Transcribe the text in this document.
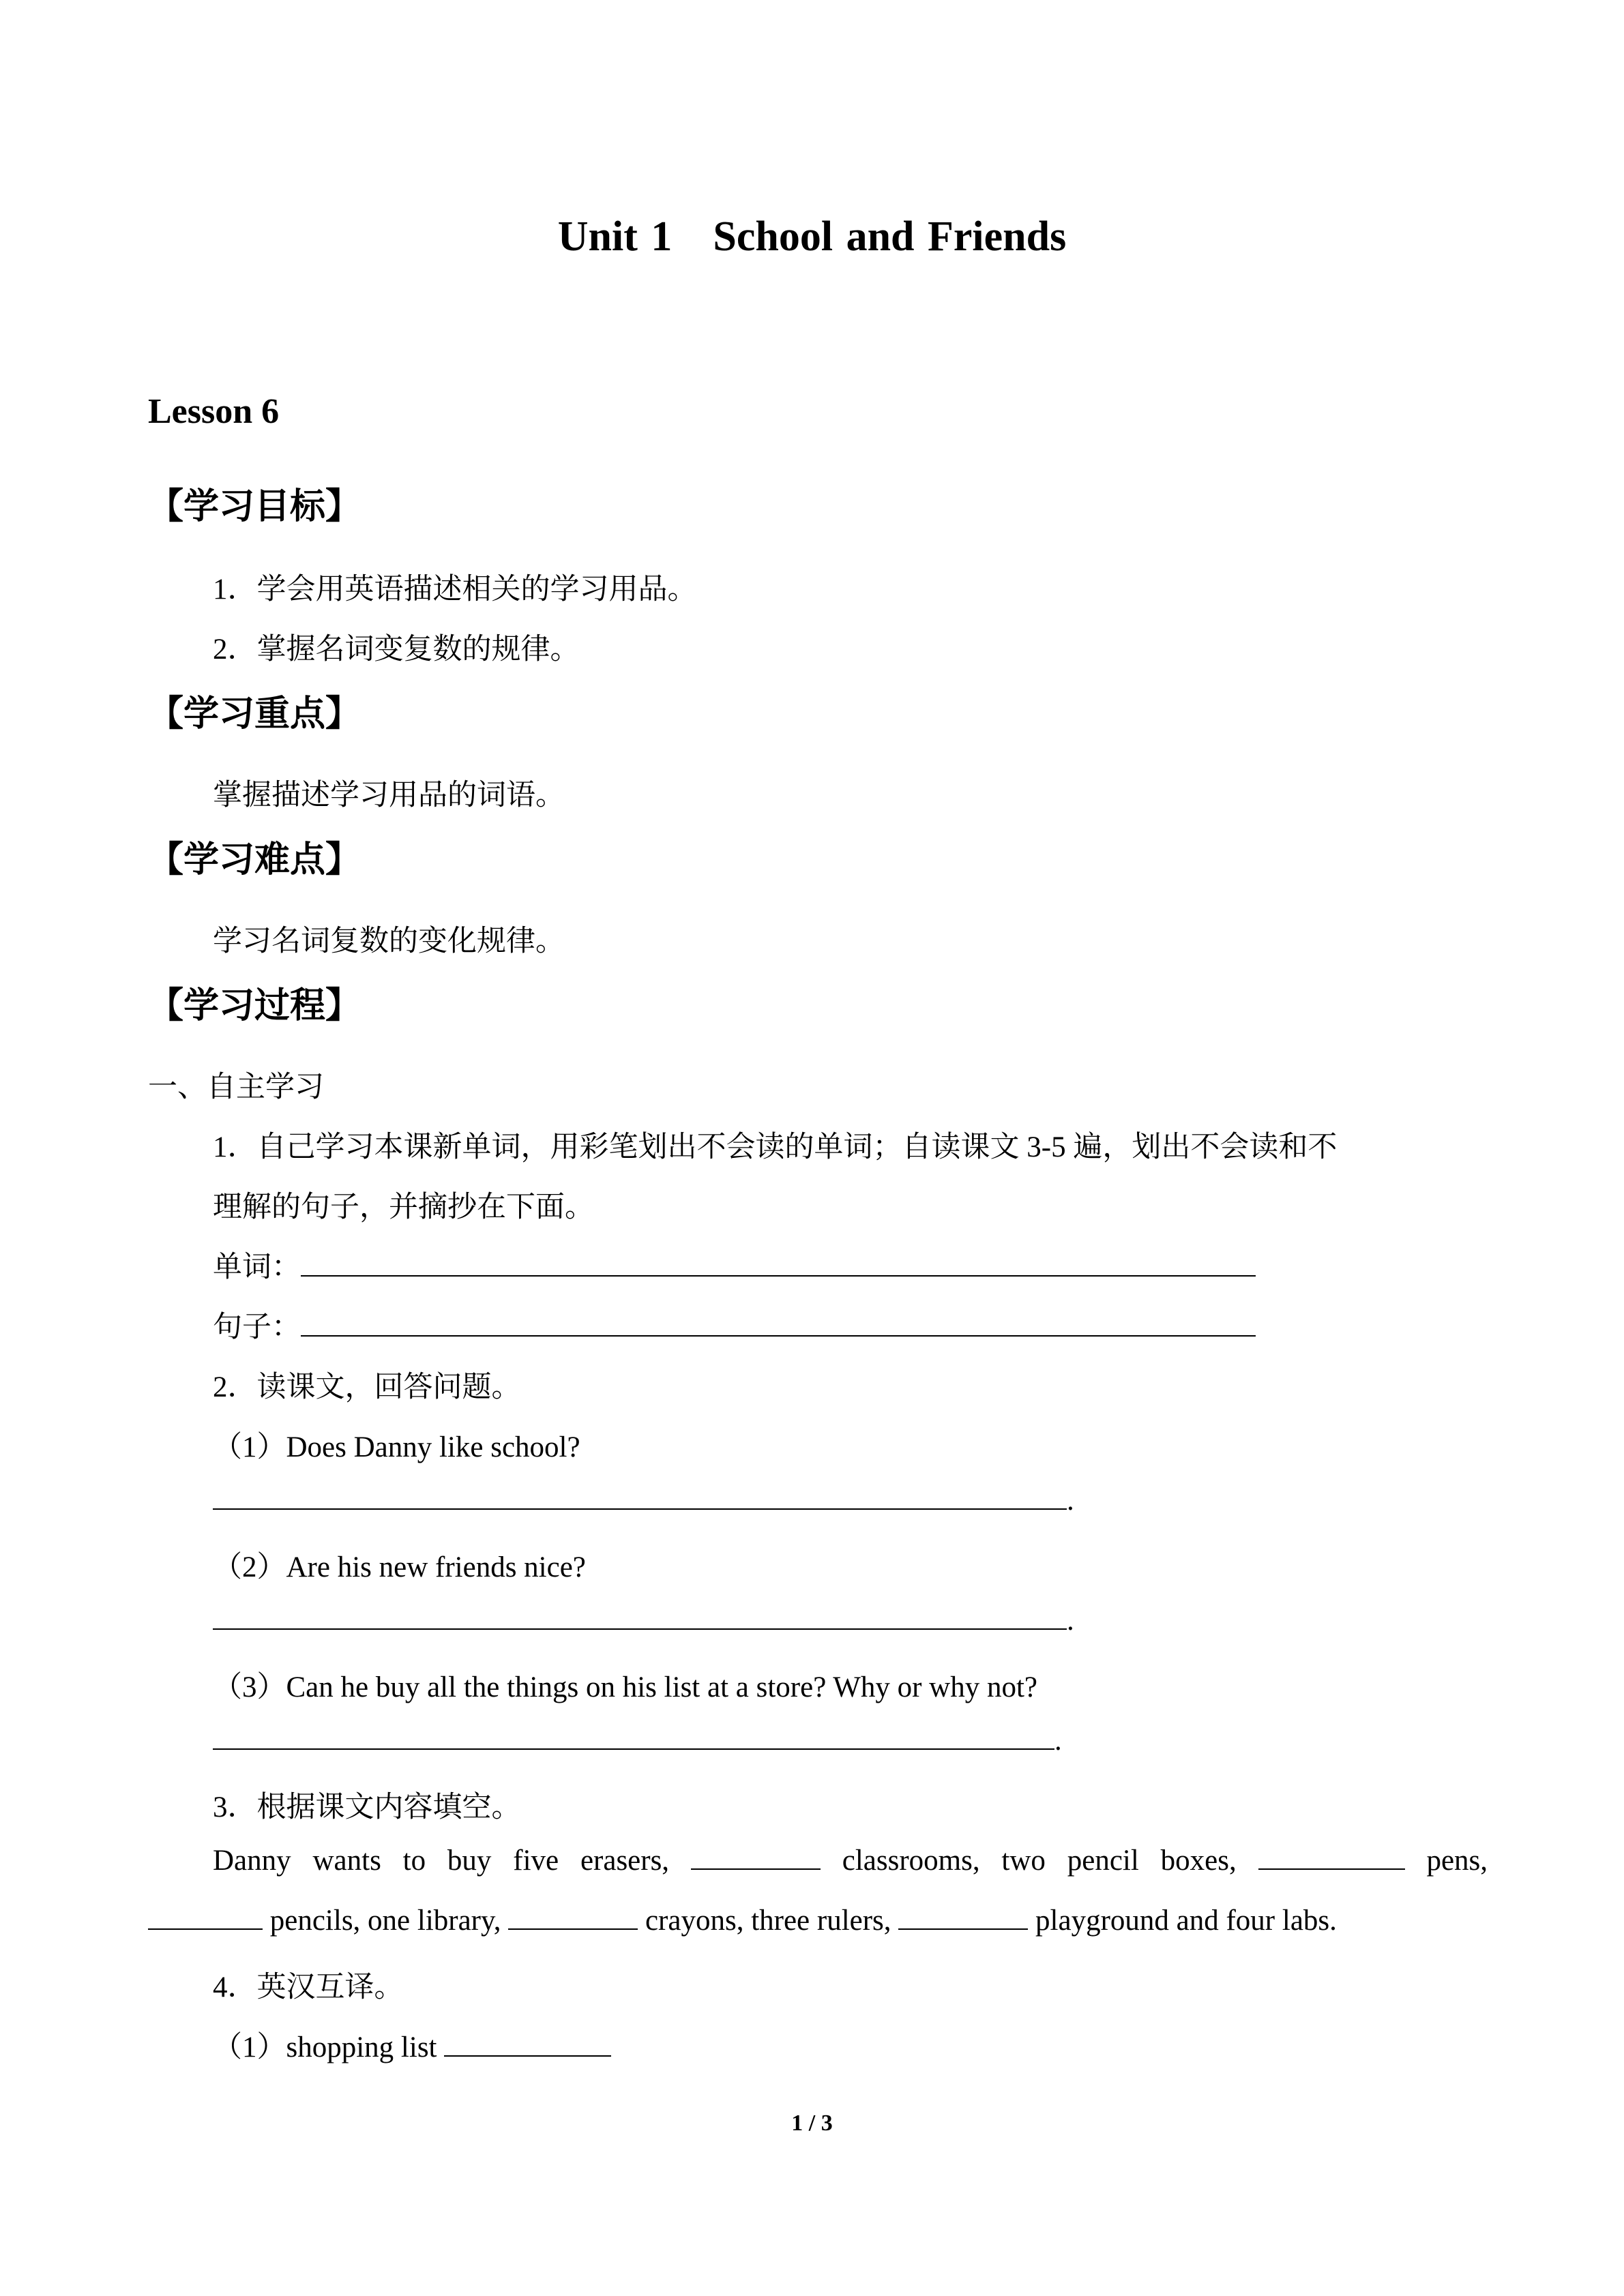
Unit 1 School and Friends
Lesson 6
【学习目标】
1．学会用英语描述相关的学习用品。
2．掌握名词变复数的规律。
【学习重点】
掌握描述学习用品的词语。
【学习难点】
学习名词复数的变化规律。
【学习过程】
一、自主学习
1．自己学习本课新单词，用彩笔划出不会读的单词；自读课文 3-5 遍，划出不会读和不
理解的句子，并摘抄在下面。
单词：
句子：
2．读课文，回答问题。
（1）Does Danny like school?
.
（2）Are his new friends nice?
.
（3）Can he buy all the things on his list at a store? Why or why not?
.
3．根据课文内容填空。
Danny wants to buy five erasers,	classrooms, two pencil boxes,	pens,
pencils, one library,	crayons, three rulers,	playground and four labs.
4．英汉互译。
（1）shopping list
1 / 3
